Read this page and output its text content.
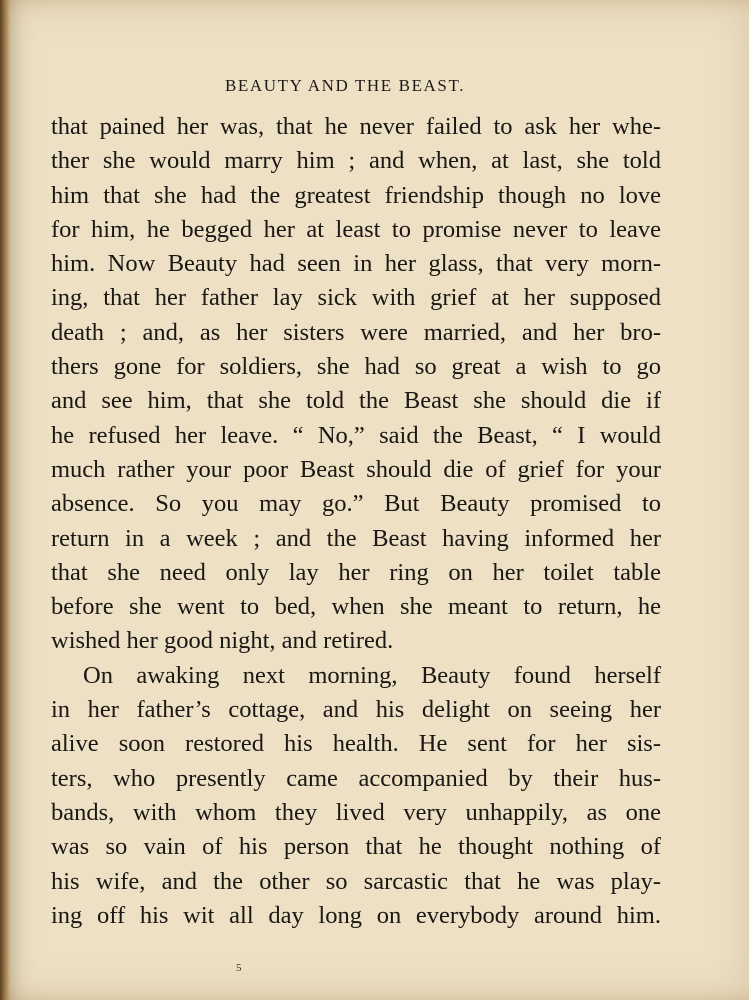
BEAUTY AND THE BEAST.
that pained her was, that he never failed to ask her whe-
ther she would marry him ; and when, at last, she told
him that she had the greatest friendship though no love
for him, he begged her at least to promise never to leave
him. Now Beauty had seen in her glass, that very morn-
ing, that her father lay sick with grief at her supposed
death ; and, as her sisters were married, and her bro-
thers gone for soldiers, she had so great a wish to go
and see him, that she told the Beast she should die if
he refused her leave. “ No,” said the Beast, “ I would
much rather your poor Beast should die of grief for your
absence. So you may go.” But Beauty promised to
return in a week ; and the Beast having informed her
that she need only lay her ring on her toilet table
before she went to bed, when she meant to return, he
wished her good night, and retired.
On awaking next morning, Beauty found herself
in her father’s cottage, and his delight on seeing her
alive soon restored his health. He sent for her sis-
ters, who presently came accompanied by their hus-
bands, with whom they lived very unhappily, as one
was so vain of his person that he thought nothing of
his wife, and the other so sarcastic that he was play-
ing off his wit all day long on everybody around him.
5
